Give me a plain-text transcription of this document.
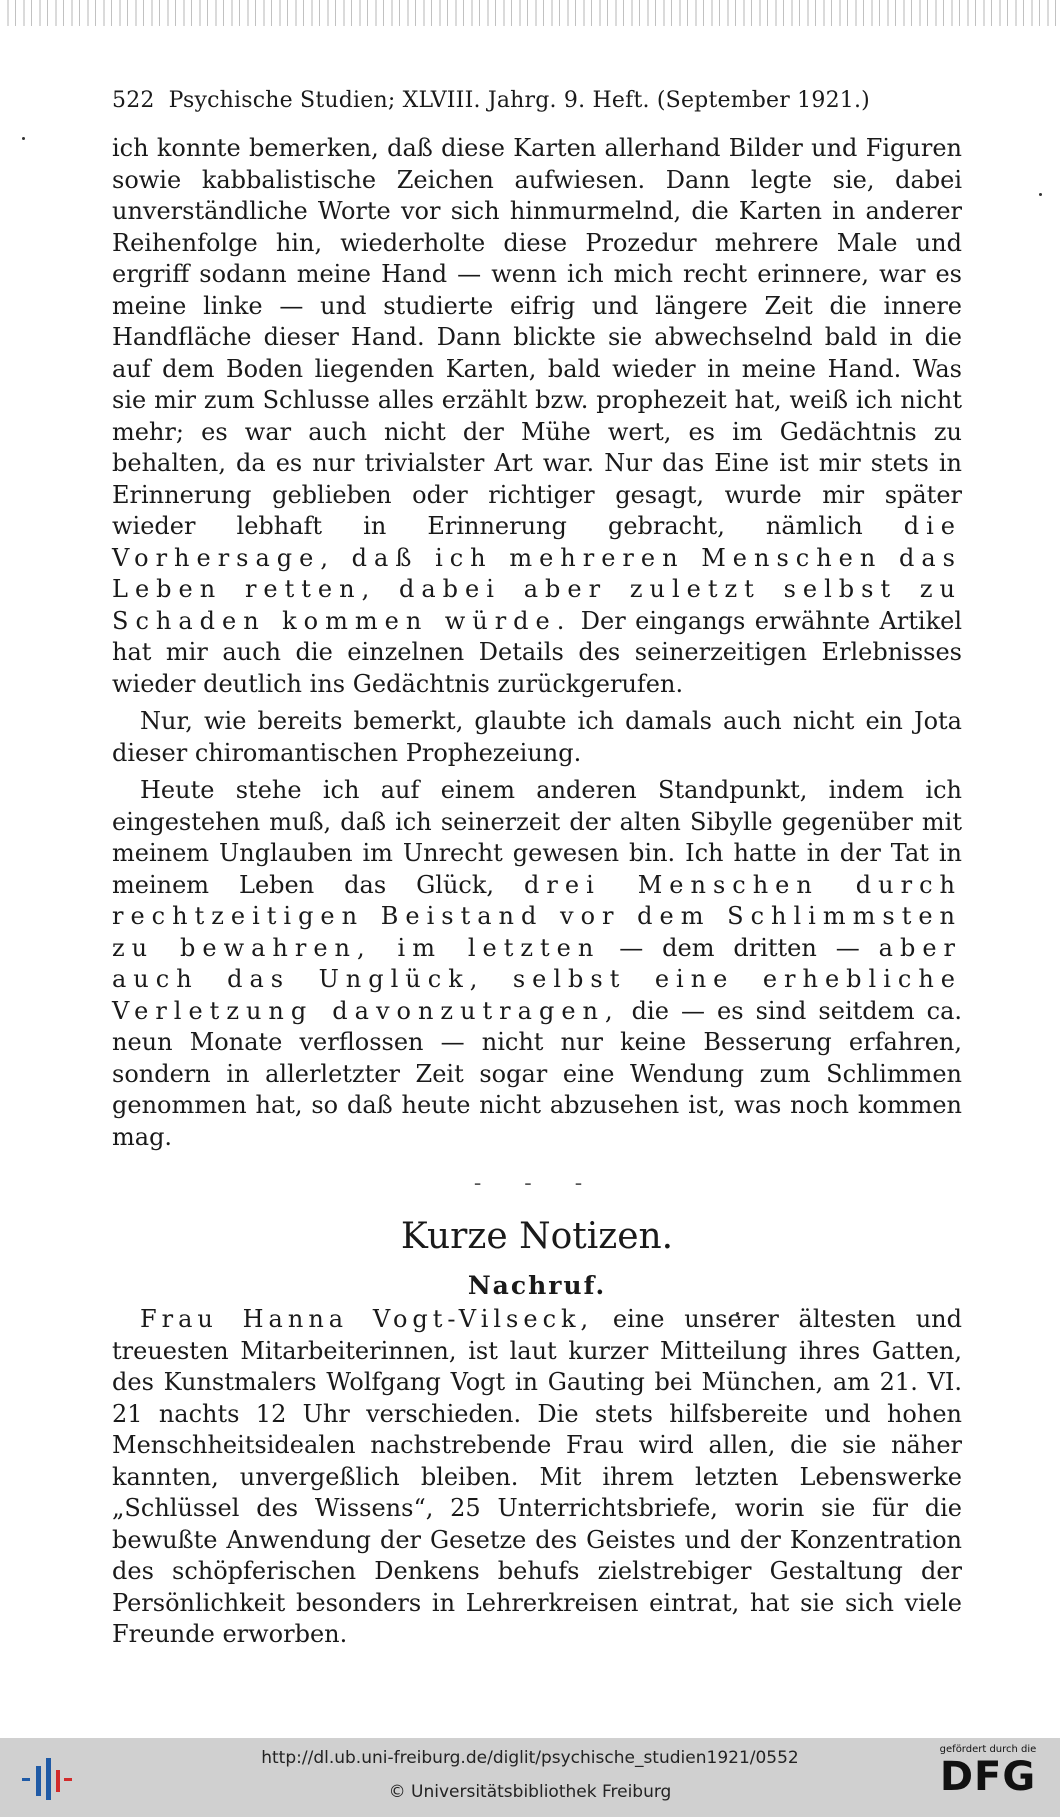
522 Psychische Studien; XLVIII. Jahrg. 9. Heft. (September 1921.)

ich konnte bemerken, daß diese Karten allerhand Bilder und Figuren sowie kabbalistische Zeichen aufwiesen. Dann legte sie, dabei unverständliche Worte vor sich hinmurmelnd, die Karten in anderer Reihenfolge hin, wiederholte diese Prozedur mehrere Male und ergriff sodann meine Hand — wenn ich mich recht erinnere, war es meine linke — und studierte eifrig und längere Zeit die innere Handfläche dieser Hand. Dann blickte sie abwechselnd bald in die auf dem Boden liegenden Karten, bald wieder in meine Hand. Was sie mir zum Schlusse alles erzählt bzw. prophezeit hat, weiß ich nicht mehr; es war auch nicht der Mühe wert, es im Gedächtnis zu behalten, da es nur trivialster Art war. Nur das Eine ist mir stets in Erinnerung geblieben oder richtiger gesagt, wurde mir später wieder lebhaft in Erinnerung gebracht, nämlich die Vorhersage, daß ich mehreren Menschen das Leben retten, dabei aber zuletzt selbst zu Schaden kommen würde. Der eingangs erwähnte Artikel hat mir auch die einzelnen Details des seinerzeitigen Erlebnisses wieder deutlich ins Gedächtnis zurückgerufen.

Nur, wie bereits bemerkt, glaubte ich damals auch nicht ein Jota dieser chiromantischen Prophezeiung.

Heute stehe ich auf einem anderen Standpunkt, indem ich eingestehen muß, daß ich seinerzeit der alten Sibylle gegenüber mit meinem Unglauben im Unrecht gewesen bin. Ich hatte in der Tat in meinem Leben das Glück, drei Menschen durch rechtzeitigen Beistand vor dem Schlimmsten zu bewahren, im letzten — dem dritten — aber auch das Unglück, selbst eine erhebliche Verletzung davonzutragen, die — es sind seitdem ca. neun Monate verflossen — nicht nur keine Besserung erfahren, sondern in allerletzter Zeit sogar eine Wendung zum Schlimmen genommen hat, so daß heute nicht abzusehen ist, was noch kommen mag.

- - -
Kurze Notizen.
Nachruf.

Frau Hanna Vogt-Vilseck, eine unserer ältesten und treuesten Mitarbeiterinnen, ist laut kurzer Mitteilung ihres Gatten, des Kunstmalers Wolfgang Vogt in Gauting bei München, am 21. VI. 21 nachts 12 Uhr verschieden. Die stets hilfsbereite und hohen Menschheitsidealen nachstrebende Frau wird allen, die sie näher kannten, unvergeßlich bleiben. Mit ihrem letzten Lebenswerke „Schlüssel des Wissens“, 25 Unterrichtsbriefe, worin sie für die bewußte Anwendung der Gesetze des Geistes und der Konzentration des schöpferischen Denkens behufs zielstrebiger Gestaltung der Persönlichkeit besonders in Lehrerkreisen eintrat, hat sie sich viele Freunde erworben.

http://dl.ub.uni-freiburg.de/diglit/psychische_studien1921/0552
© Universitätsbibliothek Freiburg
gefördert durch die
DFG
